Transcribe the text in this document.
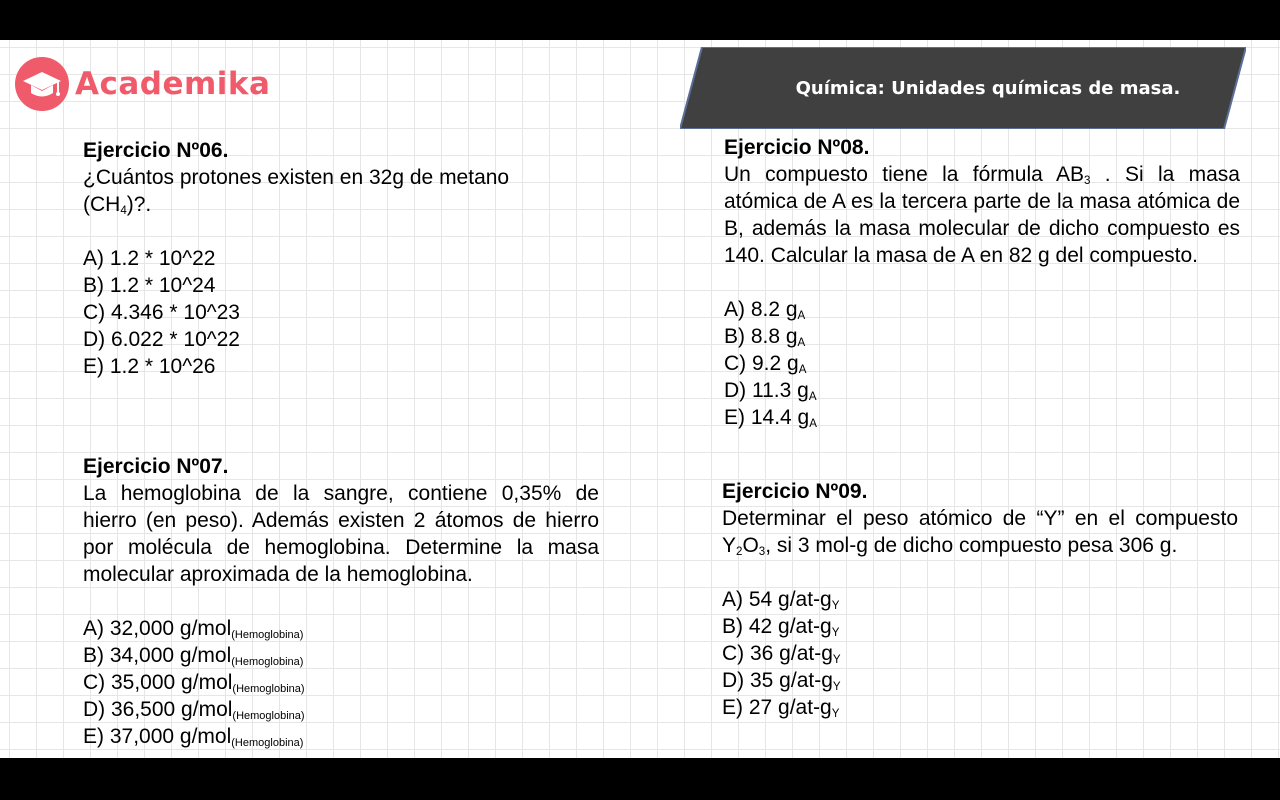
Academika	Química: Unidades químicas de masa.
Ejercicio Nº06.
¿Cuántos protones existen en 32g de metano
$(CH_4)$?.
A) 1.2 * 10^22
B) 1.2 * 10^24
C) 4.346 * 10^23
D) 6.022 * 10^22
E) 1.2 * 10^26
Ejercicio Nº07.
La hemoglobina de la sangre, contiene 0,35% de hierro (en peso). Además existen 2 átomos de hierro por molécula de hemoglobina. Determine la masa molecular aproximada de la hemoglobina.
A) 32,000 g/mol(Hemoglobina)
B) 34,000 g/mol(Hemoglobina)
C) 35,000 g/mol(Hemoglobina)
D) 36,500 g/mol(Hemoglobina)
E) 37,000 g/mol(Hemoglobina)
Ejercicio Nº08.
Un compuesto tiene la fórmula $AB_3$ . Si la masa atómica de A es la tercera parte de la masa atómica de B, además la masa molecular de dicho compuesto es 140. Calcular la masa de A en 82 g del compuesto.
A) 8.2 $g_A$
B) 8.8 $g_A$
C) 9.2 $g_A$
D) 11.3 $g_A$
E) 14.4 $g_A$
Ejercicio Nº09.
Determinar el peso atómico de “Y” en el compuesto $Y_2O_3$, si 3 mol-g de dicho compuesto pesa 306 g.
A) 54 $g/at-g_Y$
B) 42 $g/at-g_Y$
C) 36 $g/at-g_Y$
D) 35 $g/at-g_Y$
E) 27 $g/at-g_Y$
